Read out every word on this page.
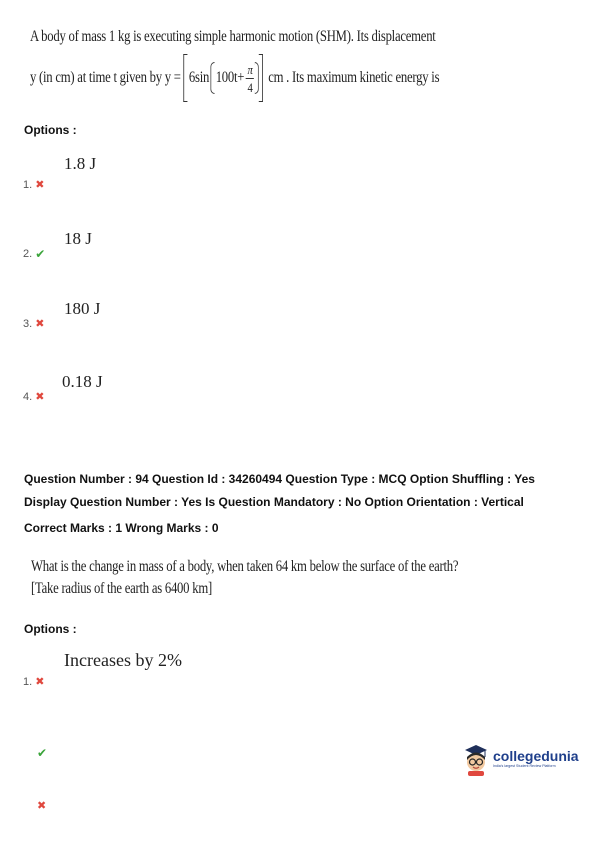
A body of mass 1 kg is executing simple harmonic motion (SHM). Its displacement
y (in cm) at time t given by y = 6sin $100t+ \frac{\pi}{4}$ cm . Its maximum kinetic energy is
Options :
1.8 J
1. ✖
18 J
2. ✔
180 J
3. ✖
0.18 J
4. ✖
Question Number : 94 Question Id : 34260494 Question Type : MCQ Option Shuffling : Yes
Display Question Number : Yes Is Question Mandatory : No Option Orientation : Vertical
Correct Marks : 1 Wrong Marks : 0
What is the change in mass of a body, when taken 64 km below the surface of the earth?
[Take radius of the earth as 6400 km]
Options :
Increases by 2%
1. ✖
✔
✖
collegedunia
India's largest Student Review Platform
